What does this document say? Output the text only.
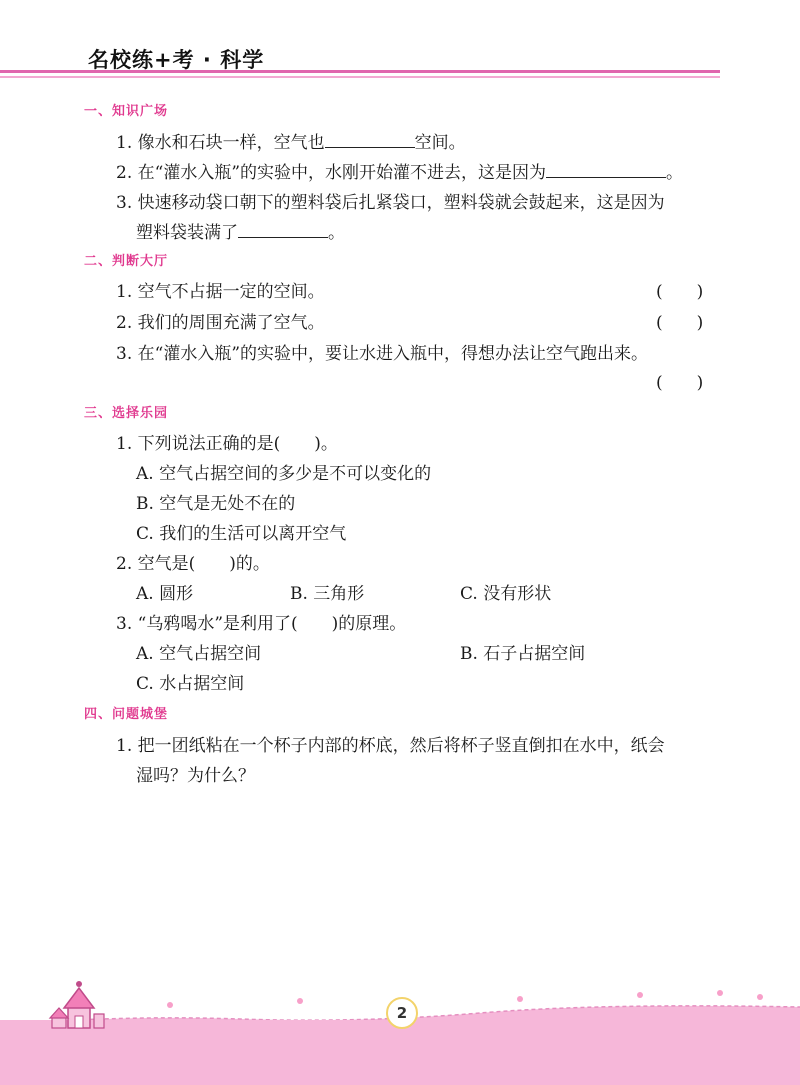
名校练+考 · 科学
一、知识广场
1. 像水和石块一样，空气也	空间。
2. 在“灌水入瓶”的实验中，水刚开始灌不进去，这是因为	。
3. 快速移动袋口朝下的塑料袋后扎紧袋口，塑料袋就会鼓起来，这是因为
塑料袋装满了	。
二、判断大厅
1. 空气不占据一定的空间。	(　　)
2. 我们的周围充满了空气。	(　　)
3. 在“灌水入瓶”的实验中，要让水进入瓶中，得想办法让空气跑出来。
(　　)
三、选择乐园
1. 下列说法正确的是(　　)。
A. 空气占据空间的多少是不可以变化的
B. 空气是无处不在的
C. 我们的生活可以离开空气
2. 空气是(　　)的。
A. 圆形	B. 三角形	C. 没有形状
3. “乌鸦喝水”是利用了(　　)的原理。
A. 空气占据空间	B. 石子占据空间
C. 水占据空间
四、问题城堡
1. 把一团纸粘在一个杯子内部的杯底，然后将杯子竖直倒扣在水中，纸会
湿吗？为什么？
2
